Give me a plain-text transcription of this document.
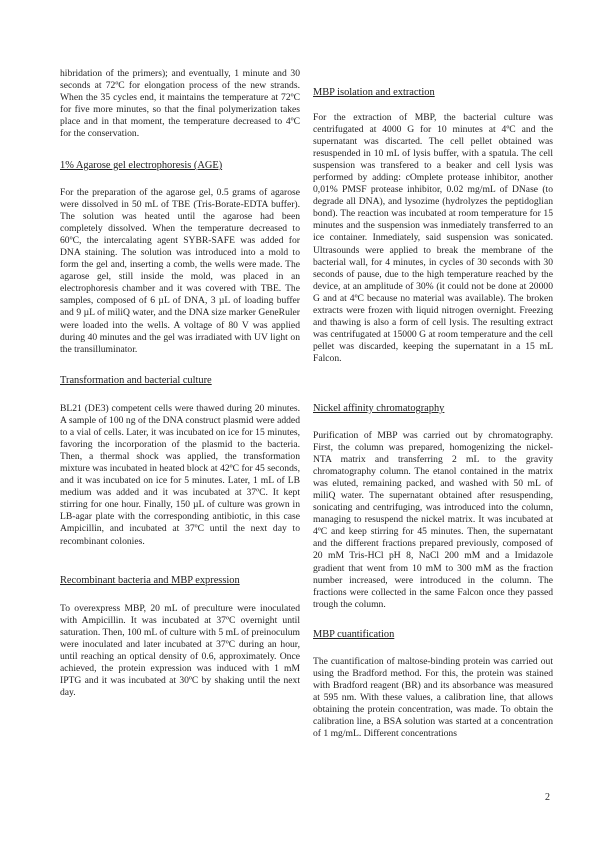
hibridation of the primers); and eventually, 1 minute and 30 seconds at 72ºC for elongation process of the new strands. When the 35 cycles end, it maintains the temperature at 72ºC for five more minutes, so that the final polymerization takes place and in that moment, the temperature decreased to 4ºC for the conservation.
1% Agarose gel electrophoresis (AGE)
For the preparation of the agarose gel, 0.5 grams of agarose were dissolved in 50 mL of TBE (Tris-Borate-EDTA buffer). The solution was heated until the agarose had been completely dissolved. When the temperature decreased to 60ºC, the intercalating agent SYBR-SAFE was added for DNA staining. The solution was introduced into a mold to form the gel and, inserting a comb, the wells were made. The agarose gel, still inside the mold, was placed in an electrophoresis chamber and it was covered with TBE. The samples, composed of 6 µL of DNA, 3 µL of loading buffer and 9 µL of miliQ water, and the DNA size marker GeneRuler were loaded into the wells. A voltage of 80 V was applied during 40 minutes and the gel was irradiated with UV light on the transilluminator.
Transformation and bacterial culture
BL21 (DE3) competent cells were thawed during 20 minutes. A sample of 100 ng of the DNA construct plasmid were added to a vial of cells. Later, it was incubated on ice for 15 minutes, favoring the incorporation of the plasmid to the bacteria. Then, a thermal shock was applied, the transformation mixture was incubated in heated block at 42ºC for 45 seconds, and it was incubated on ice for 5 minutes. Later, 1 mL of LB medium was added and it was incubated at 37ºC. It kept stirring for one hour. Finally, 150 µL of culture was grown in LB-agar plate with the corresponding antibiotic, in this case Ampicillin, and incubated at 37ºC until the next day to recombinant colonies.
Recombinant bacteria and MBP expression
To overexpress MBP, 20 mL of preculture were inoculated with Ampicillin. It was incubated at 37ºC overnight until saturation. Then, 100 mL of culture with 5 mL of preinoculum were inoculated and later incubated at 37ºC during an hour, until reaching an optical density of 0.6, approximately. Once achieved, the protein expression was induced with 1 mM IPTG and it was incubated at 30ºC by shaking until the next day.
MBP isolation and extraction
For the extraction of MBP, the bacterial culture was centrifugated at 4000 G for 10 minutes at 4ºC and the supernatant was discarted. The cell pellet obtained was resuspended in 10 mL of lysis buffer, with a spatula. The cell suspension was transfered to a beaker and cell lysis was performed by adding: cOmplete protease inhibitor, another 0,01% PMSF protease inhibitor, 0.02 mg/mL of DNase (to degrade all DNA), and lysozime (hydrolyzes the peptidoglian bond). The reaction was incubated at room temperature for 15 minutes and the suspension was inmediately transferred to an ice container. Inmediately, said suspension was sonicated. Ultrasounds were applied to break the membrane of the bacterial wall, for 4 minutes, in cycles of 30 seconds with 30 seconds of pause, due to the high temperature reached by the device, at an amplitude of 30% (it could not be done at 20000 G and at 4ºC because no material was available). The broken extracts were frozen with liquid nitrogen overnight. Freezing and thawing is also a form of cell lysis. The resulting extract was centrifugated at 15000 G at room temperature and the cell pellet was discarded, keeping the supernatant in a 15 mL Falcon.
Nickel affinity chromatography
Purification of MBP was carried out by chromatography. First, the column was prepared, homogenizing the nickel-NTA matrix and transferring 2 mL to the gravity chromatography column. The etanol contained in the matrix was eluted, remaining packed, and washed with 50 mL of miliQ water. The supernatant obtained after resuspending, sonicating and centrifuging, was introduced into the column, managing to resuspend the nickel matrix. It was incubated at 4ºC and keep stirring for 45 minutes. Then, the supernatant and the different fractions prepared previously, composed of 20 mM Tris-HCl pH 8, NaCl 200 mM and a Imidazole gradient that went from 10 mM to 300 mM as the fraction number increased, were introduced in the column. The fractions were collected in the same Falcon once they passed trough the column.
MBP cuantification
The cuantification of maltose-binding protein was carried out using the Bradford method. For this, the protein was stained with Bradford reagent (BR) and its absorbance was measured at 595 nm. With these values, a calibration line, that allows obtaining the protein concentration, was made. To obtain the calibration line, a BSA solution was started at a concentration of 1 mg/mL. Different concentrations
2
